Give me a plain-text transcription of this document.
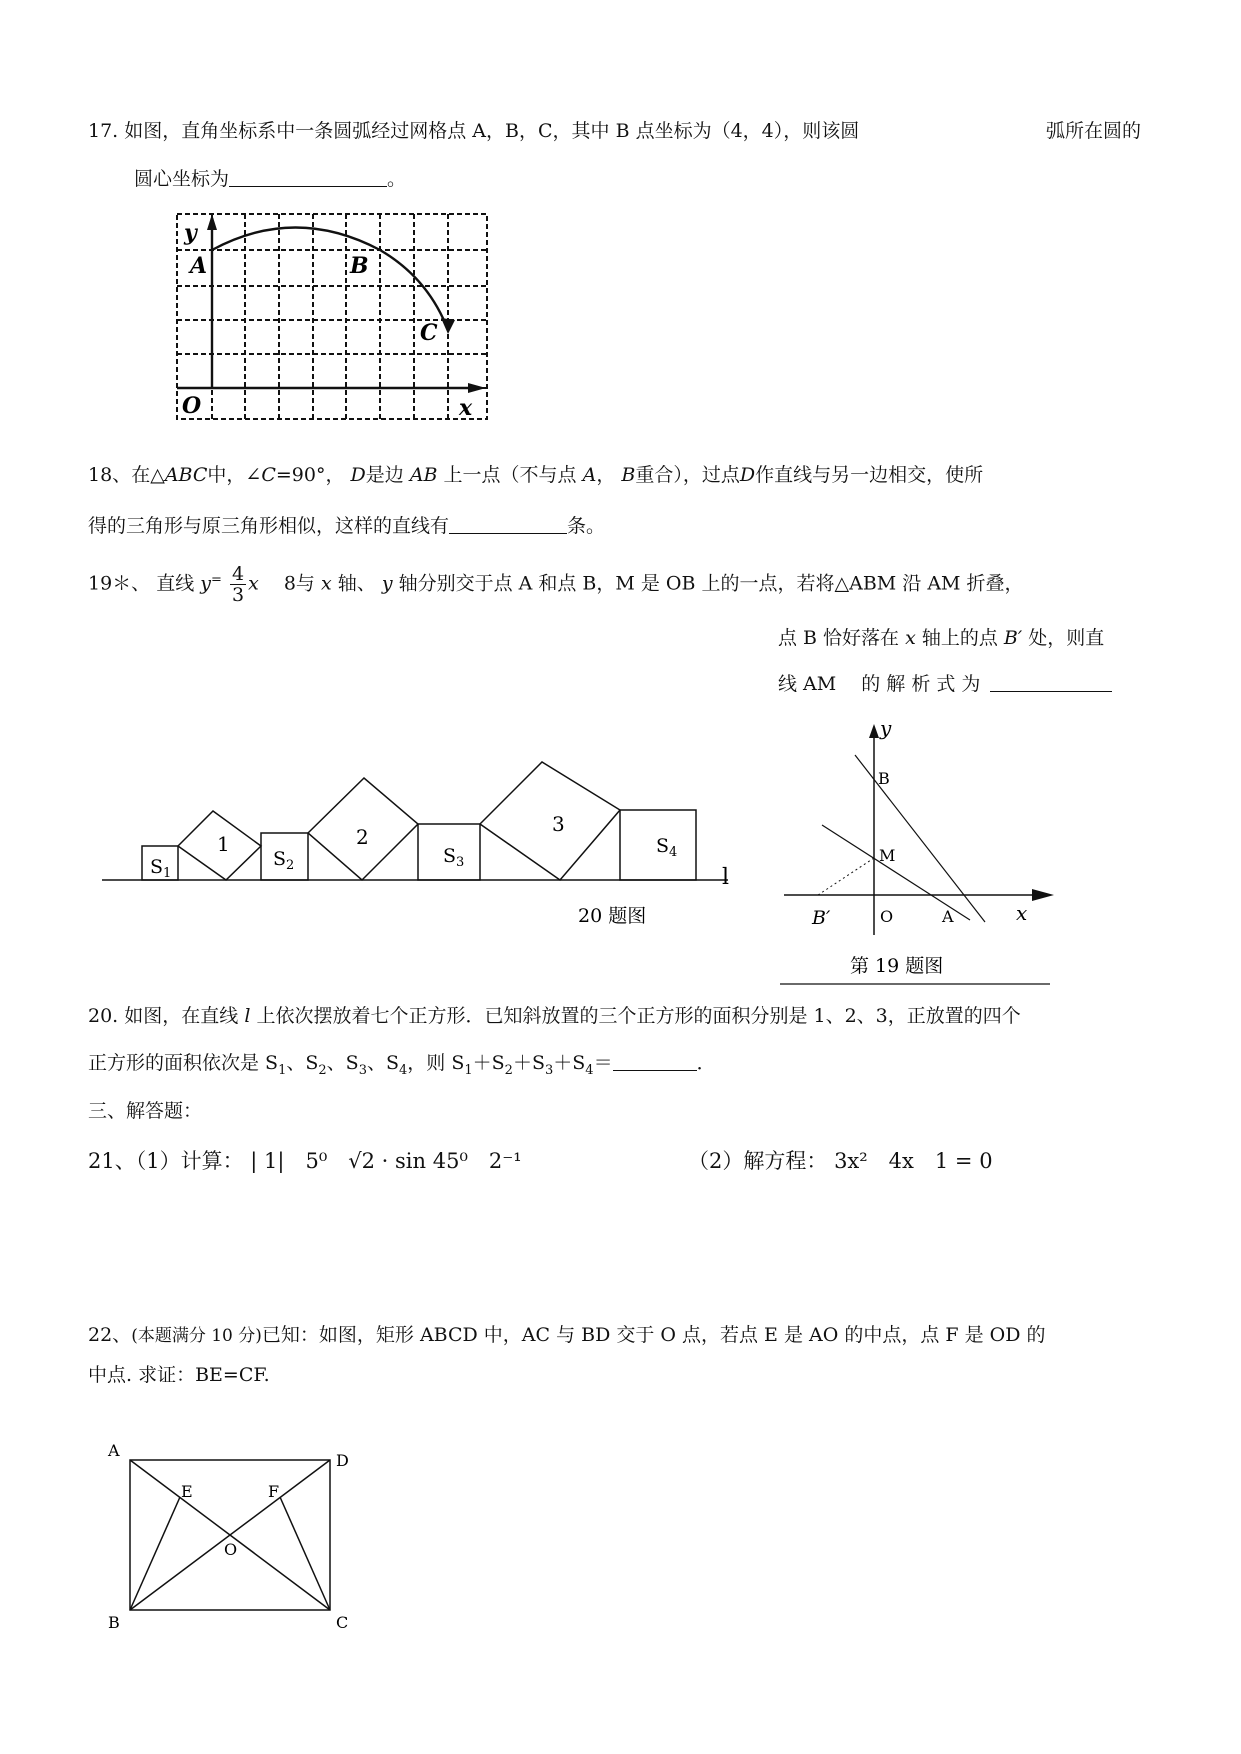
17. 如图，直角坐标系中一条圆弧经过网格点 A，B，C，其中 B 点坐标为（4，4），则该圆	弧所在圆的
圆心坐标为	。
y
x
O
A	B
C
18、在△ABC中，∠C=90°， D是边 AB 上一点（不与点 A， B重合），过点D作直线与另一边相交，使所
得的三角形与原三角形相似，这样的直线有	条。
19＊、 直线 $y^= \frac{4}{3}$ x 　 8与 x 轴、 y 轴分别交于点 A 和点 B，M 是 OB 上的一点，若将△ABM 沿 AM 折叠，
点 B 恰好落在 x 轴上的点 B′ 处，则直
线 AM　 的 解 析 式 为
y
x
B
M
O	A
B′
第 19 题图
l
1	2
3
$S_1$
$S_2$	$S_3$
$S_4$
20 题图
20. 如图，在直线 l 上依次摆放着七个正方形．已知斜放置的三个正方形的面积分别是 1、2、3，正放置的四个
正方形的面积依次是 $S_1$、$S_2$、$S_3$、$S_4$，则 $S_1+S_2+S_3+S_4=$	．
三、解答题：
21、（1）计算： | 1|　5⁰　√2 · sin 45⁰　2⁻¹	（2）解方程： 3x²　4x　1 = 0
22、(本题满分 10 分)已知：如图，矩形 ABCD 中，AC 与 BD 交于 O 点，若点 E 是 AO 的中点，点 F 是 OD 的
中点. 求证：BE=CF.
A
B	C
D
E	F
O
